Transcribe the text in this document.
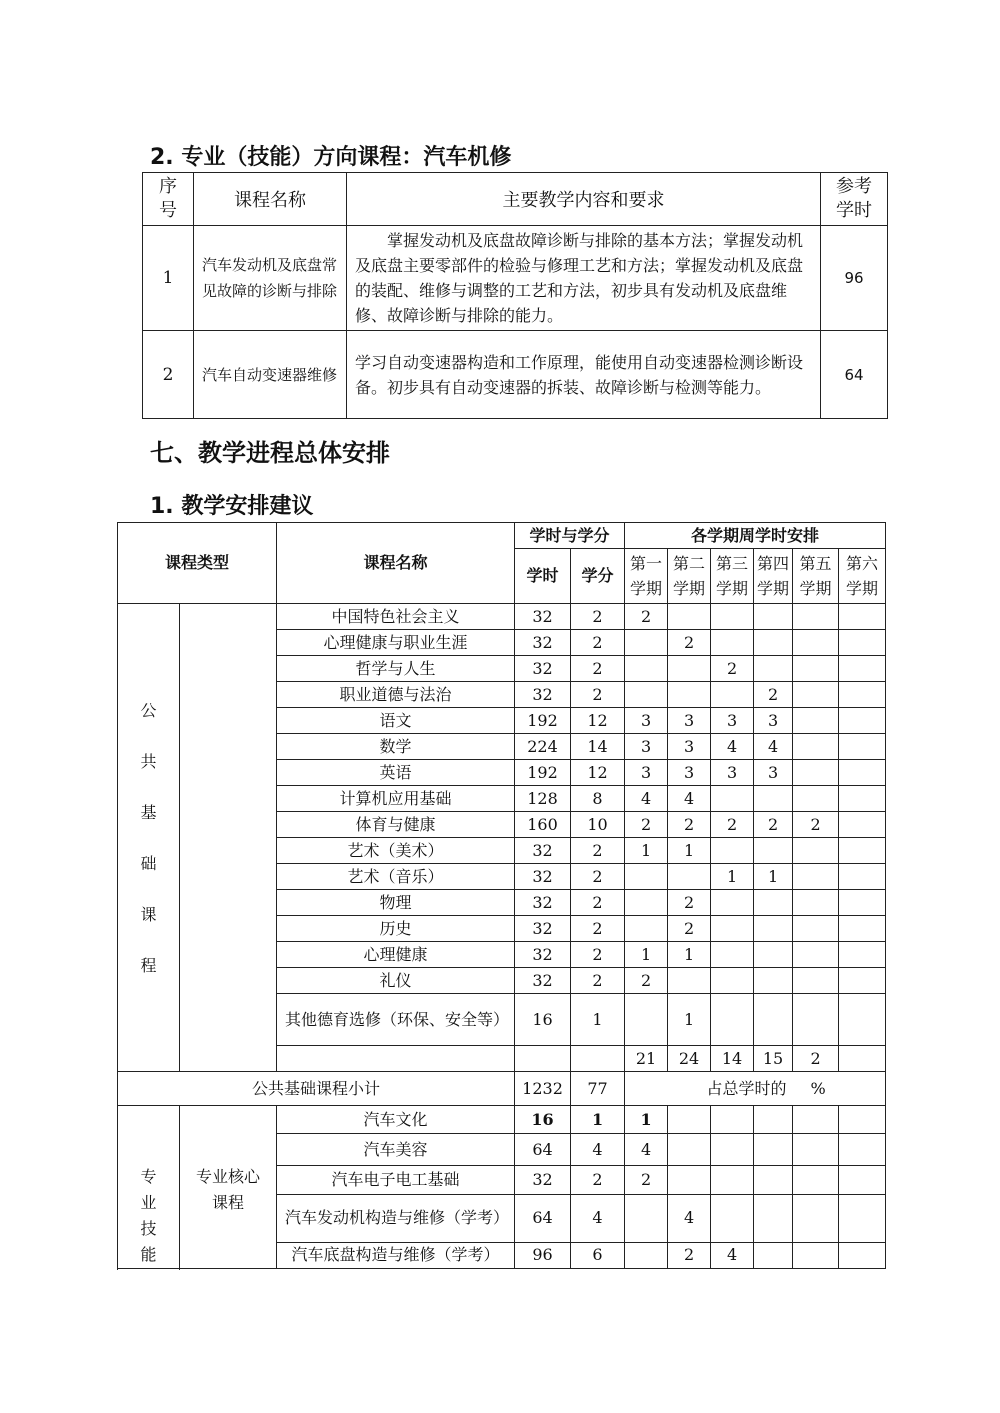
2. 专业（技能）方向课程：汽车机修
序号	课程名称	主要教学内容和要求	参考学时
1	汽车发动机及底盘常见故障的诊断与排除	　　掌握发动机及底盘故障诊断与排除的基本方法；掌握发动机及底盘主要零部件的检验与修理工艺和方法；掌握发动机及底盘的装配、维修与调整的工艺和方法，初步具有发动机及底盘维修、故障诊断与排除的能力。	96
2	汽车自动变速器维修	学习自动变速器构造和工作原理，能使用自动变速器检测诊断设备。初步具有自动变速器的拆装、故障诊断与检测等能力。	64
七、教学进程总体安排
1. 教学安排建议
课程类型		课程名称	学时与学分		各学期周学时安排					
			学时	学分	第一学期	第二学期	第三学期	第四学期	第五学期	第六学期

公共基础课程		中国特色社会主义	32	2	2					
		心理健康与职业生涯	32	2		2				
		哲学与人生	32	2			2			
		职业道德与法治	32	2				2		
		语文	192	12	3	3	3	3		
		数学	224	14	3	3	4	4		
		英语	192	12	3	3	3	3		
		计算机应用基础	128	8	4	4				
		体育与健康	160	10	2	2	2	2	2	
		艺术（美术）	32	2	1	1				
		艺术（音乐）	32	2			1	1		
		物理	32	2		2				
		历史	32	2		2				
		心理健康	32	2	1	1				
		礼仪	32	2	2					
		其他德育选修（环保、安全等）	16	1		1				
					21	24	14	15	2	
公共基础课程小计			1232	77	占总学时的				%	
专业技能	专业核心课程	汽车文化	16	1	1					
		汽车美容	64	4	4					
		汽车电子电工基础	32	2	2					
		汽车发动机构造与维修（学考）	64	4		4				
		汽车底盘构造与维修（学考）	96	6		2	4			
